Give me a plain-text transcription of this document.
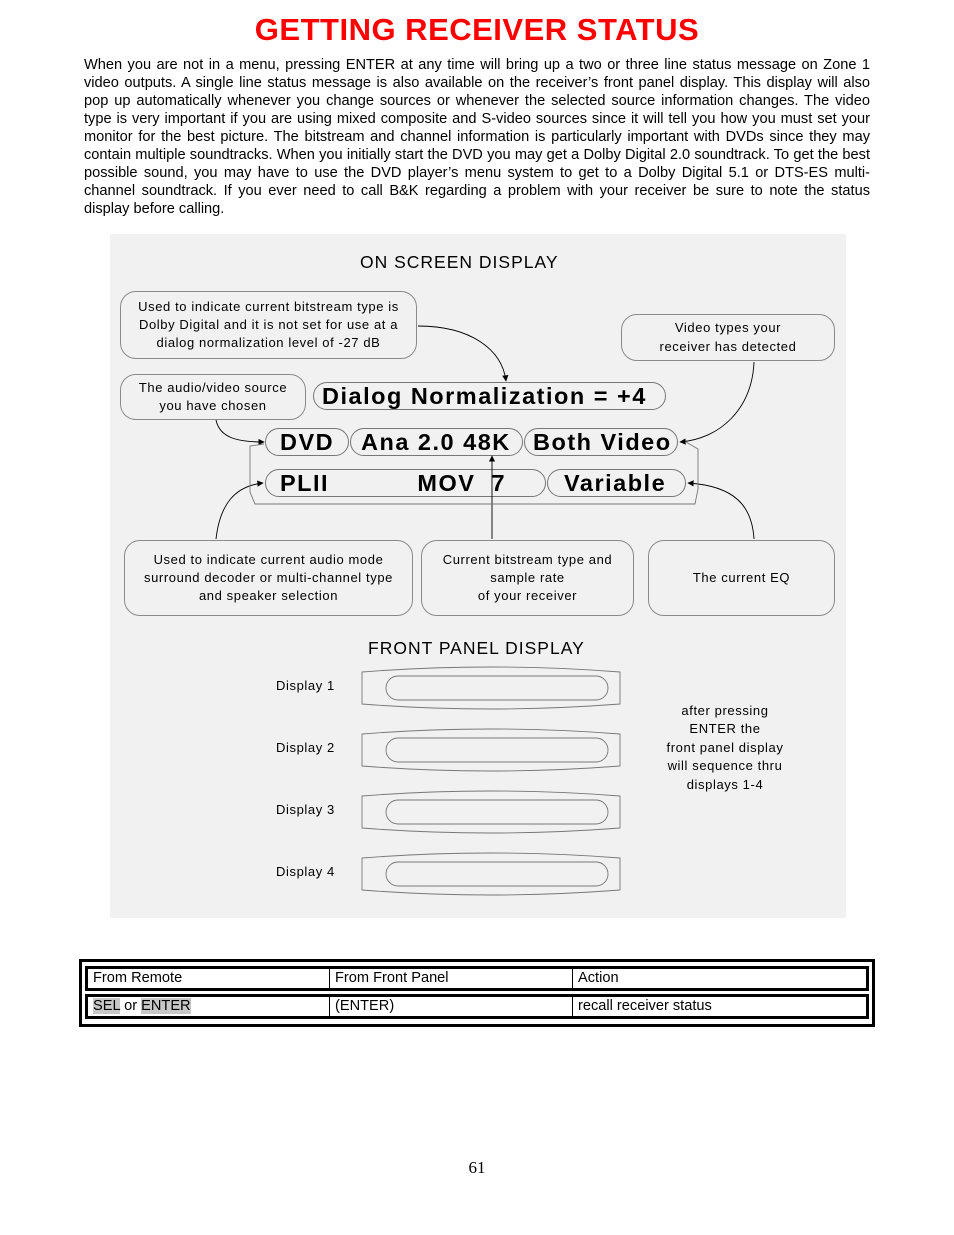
GETTING RECEIVER STATUS
When you are not in a menu, pressing ENTER at any time will bring up a two or three line status message on Zone 1 video outputs. A single line status message is also available on the receiver’s front panel display. This display will also pop up automatically whenever you change sources or whenever the selected source information changes. The video type is very important if you are using mixed composite and S-video sources since it will tell you how you must set your monitor for the best picture. The bitstream and channel information is particularly important with DVDs since they may contain multiple soundtracks. When you initially start the DVD you may get a Dolby Digital 2.0 soundtrack. To get the best possible sound, you may have to use the DVD player’s menu system to get to a Dolby Digital 5.1 or DTS-ES multi-channel soundtrack. If you ever need to call B&K regarding a problem with your receiver be sure to note the status display before calling.
ON SCREEN DISPLAY
Used to indicate current bitstream type is
Dolby Digital and it is not set for use at a
dialog normalization level of -27 dB
Video types your
receiver has detected
The audio/video source
you have chosen	Dialog Normalization = +4
DVD	Ana 2.0 48K Both Video
PLII           MOV  7	Variable
Used to indicate current audio mode
surround decoder or multi-channel type
and speaker selection
Current bitstream type and
sample rate
of your receiver
The current EQ
FRONT PANEL DISPLAY
Display 1
Display 2
Display 3
Display 4
after pressing
ENTER the
front panel display
will sequence thru
displays 1-4
From Remote	From Front Panel	Action
SEL or ENTER	(ENTER)	recall receiver status
61
